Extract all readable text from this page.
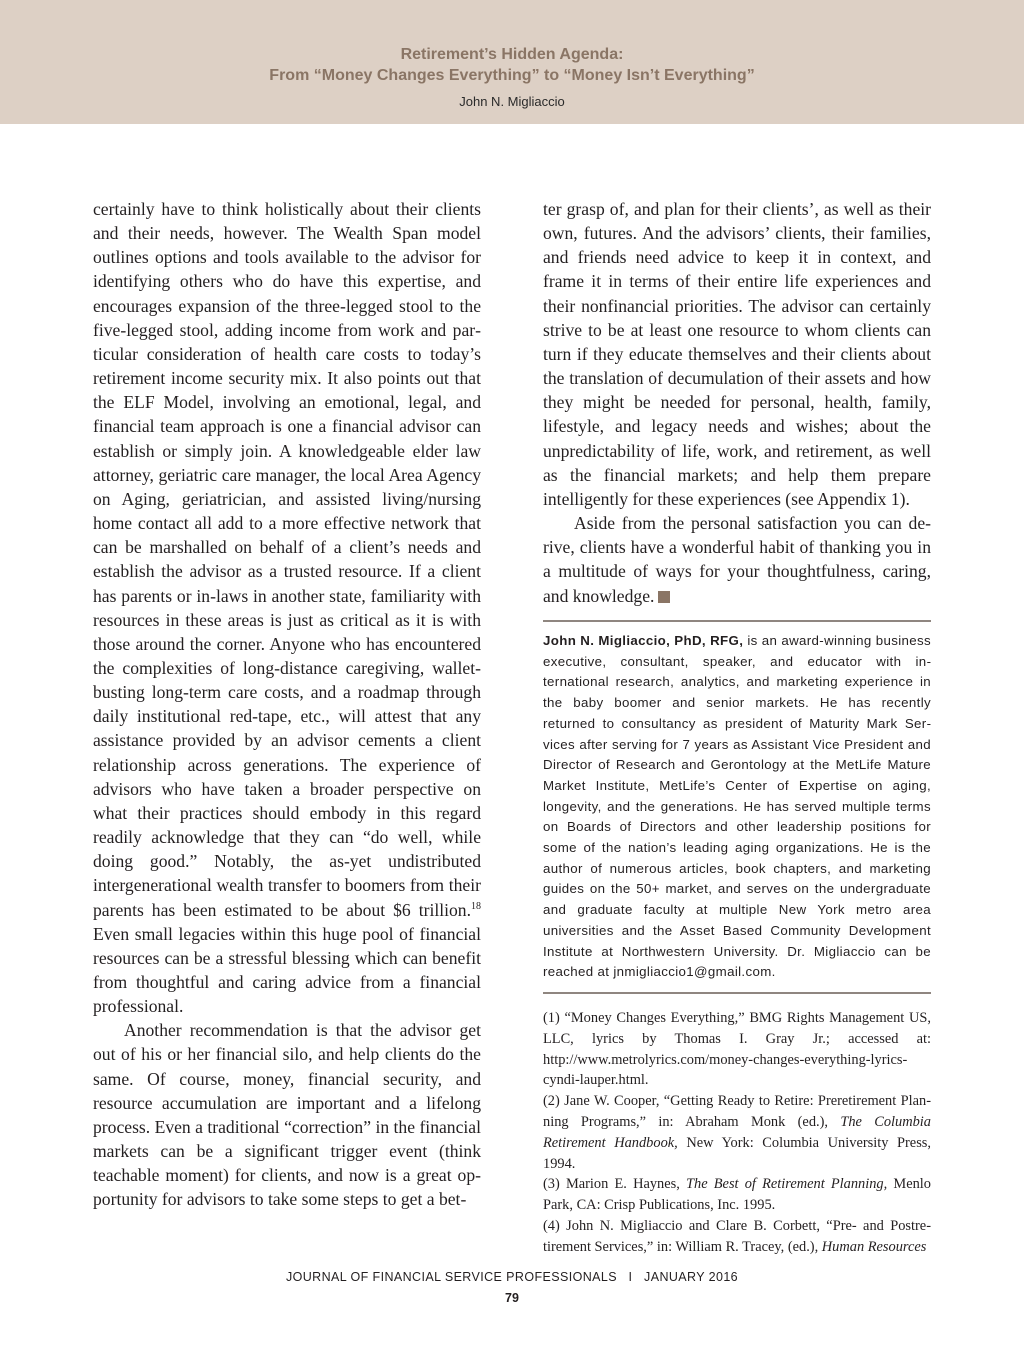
Retirement’s Hidden Agenda:
From “Money Changes Everything” to “Money Isn’t Everything”
John N. Migliaccio

certainly have to think holistically about their clients and their needs, however. The Wealth Span model outlines options and tools available to the advisor for identifying others who do have this expertise, and encourages expansion of the three-legged stool to the five-legged stool, adding income from work and particular consideration of health care costs to today’s retirement income security mix. It also points out that the ELF Model, involving an emotional, legal, and financial team approach is one a financial advisor can establish or simply join. A knowledgeable elder law attorney, geriatric care manager, the local Area Agency on Aging, geriatrician, and assisted living/nursing home contact all add to a more effective network that can be marshalled on behalf of a client’s needs and establish the advisor as a trusted resource. If a client has parents or in-laws in another state, familiarity with resources in these areas is just as critical as it is with those around the corner. Anyone who has encountered the complexities of long-distance caregiving, wallet-busting long-term care costs, and a roadmap through daily institutional red-tape, etc., will attest that any assistance provided by an advisor cements a client relationship across generations. The experience of advisors who have taken a broader perspective on what their practices should embody in this regard readily acknowledge that they can “do well, while doing good.” Notably, the as-yet undistributed intergenerational wealth transfer to boomers from their parents has been estimated to be about $6 trillion.$^{18}$ Even small legacies within this huge pool of financial resources can be a stressful blessing which can benefit from thoughtful and caring advice from a financial professional.

Another recommendation is that the advisor get out of his or her financial silo, and help clients do the same. Of course, money, financial security, and resource accumulation are important and a lifelong process. Even a traditional “correction” in the financial markets can be a significant trigger event (think teachable moment) for clients, and now is a great opportunity for advisors to take some steps to get a bet-

ter grasp of, and plan for their clients’, as well as their own, futures. And the advisors’ clients, their families, and friends need advice to keep it in context, and frame it in terms of their entire life experiences and their nonfinancial priorities. The advisor can certainly strive to be at least one resource to whom clients can turn if they educate themselves and their clients about the translation of decumulation of their assets and how they might be needed for personal, health, family, lifestyle, and legacy needs and wishes; about the unpredictability of life, work, and retirement, as well as the financial markets; and help them prepare intelligently for these experiences (see Appendix 1).

Aside from the personal satisfaction you can derive, clients have a wonderful habit of thanking you in a multitude of ways for your thoughtfulness, caring, and knowledge.

John N. Migliaccio, PhD, RFG, is an award-winning business executive, consultant, speaker, and educator with international research, analytics, and marketing experience in the baby boomer and senior markets. He has recently returned to consultancy as president of Maturity Mark Services after serving for 7 years as Assistant Vice President and Director of Research and Gerontology at the MetLife Mature Market Institute, MetLife’s Center of Expertise on aging, longevity, and the generations. He has served multiple terms on Boards of Directors and other leadership positions for some of the nation’s leading aging organizations. He is the author of numerous articles, book chapters, and marketing guides on the 50+ market, and serves on the undergraduate and graduate faculty at multiple New York metro area universities and the Asset Based Community Development Institute at Northwestern University. Dr. Migliaccio can be reached at jnmigliaccio1@gmail.com.

(1) “Money Changes Everything,” BMG Rights Management US, LLC, lyrics by Thomas I. Gray Jr.; accessed at: http://www.metrolyrics.com/money-changes-everything-lyrics-cyndi-lauper.html.

(2) Jane W. Cooper, “Getting Ready to Retire: Preretirement Planning Programs,” in: Abraham Monk (ed.), The Columbia Retirement Handbook, New York: Columbia University Press, 1994.

(3) Marion E. Haynes, The Best of Retirement Planning, Menlo Park, CA: Crisp Publications, Inc. 1995.

(4) John N. Migliaccio and Clare B. Corbett, “Pre- and Postretirement Services,” in: William R. Tracey, (ed.), Human Resources

JOURNAL OF FINANCIAL SERVICE PROFESSIONALS   I   JANUARY 2016
79
